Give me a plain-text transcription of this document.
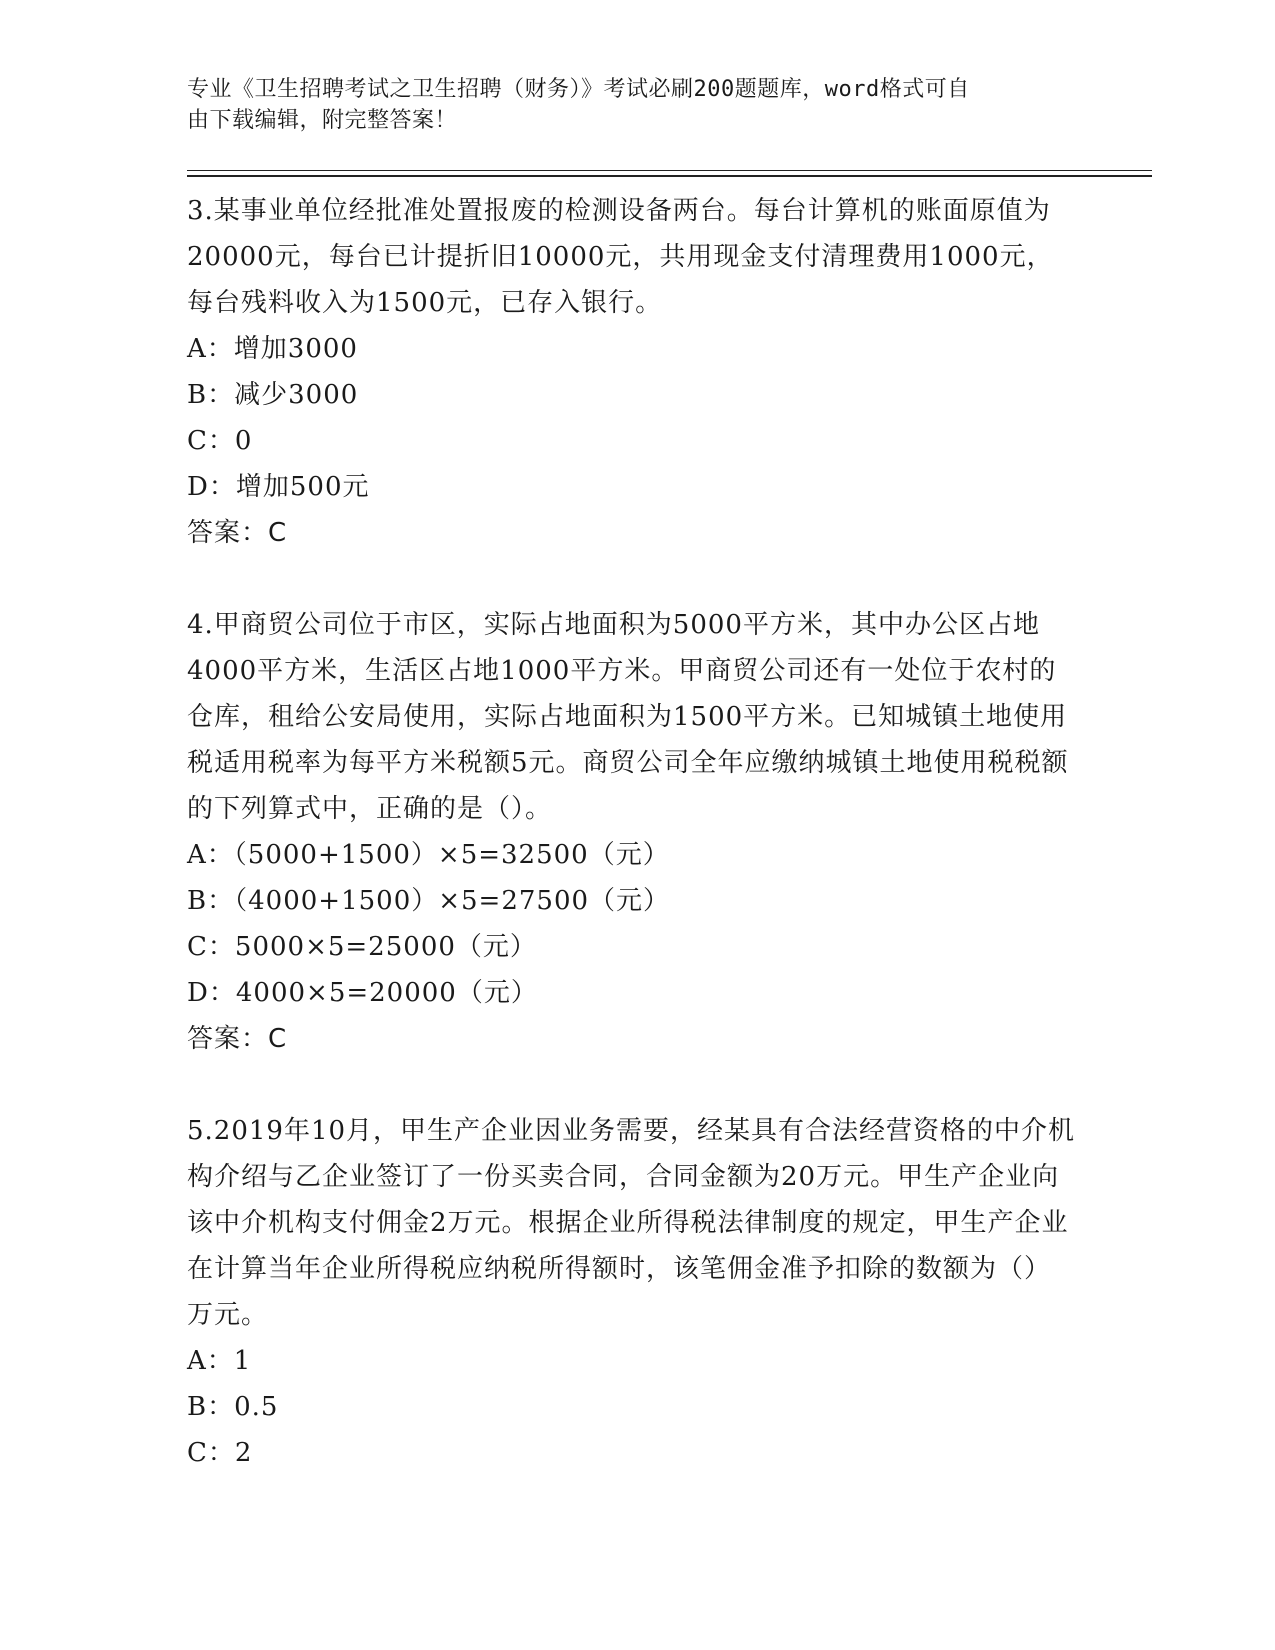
专业《卫生招聘考试之卫生招聘（财务）》考试必刷200题题库，word格式可自
由下载编辑，附完整答案！

3.某事业单位经批准处置报废的检测设备两台。每台计算机的账面原值为20000元，每台已计提折旧10000元，共用现金支付清理费用1000元，每台残料收入为1500元，已存入银行。

A：增加3000

B：减少3000

C：0

D：增加500元

答案：C

4.甲商贸公司位于市区，实际占地面积为5000平方米，其中办公区占地4000平方米，生活区占地1000平方米。甲商贸公司还有一处位于农村的仓库，租给公安局使用，实际占地面积为1500平方米。已知城镇土地使用税适用税率为每平方米税额5元。商贸公司全年应缴纳城镇土地使用税税额的下列算式中，正确的是（）。

A：（5000+1500）×5=32500（元）

B：（4000+1500）×5=27500（元）

C：5000×5=25000（元）

D：4000×5=20000（元）

答案：C

5.2019年10月，甲生产企业因业务需要，经某具有合法经营资格的中介机构介绍与乙企业签订了一份买卖合同，合同金额为20万元。甲生产企业向该中介机构支付佣金2万元。根据企业所得税法律制度的规定，甲生产企业在计算当年企业所得税应纳税所得额时，该笔佣金准予扣除的数额为（）万元。

A：1

B：0.5

C：2
